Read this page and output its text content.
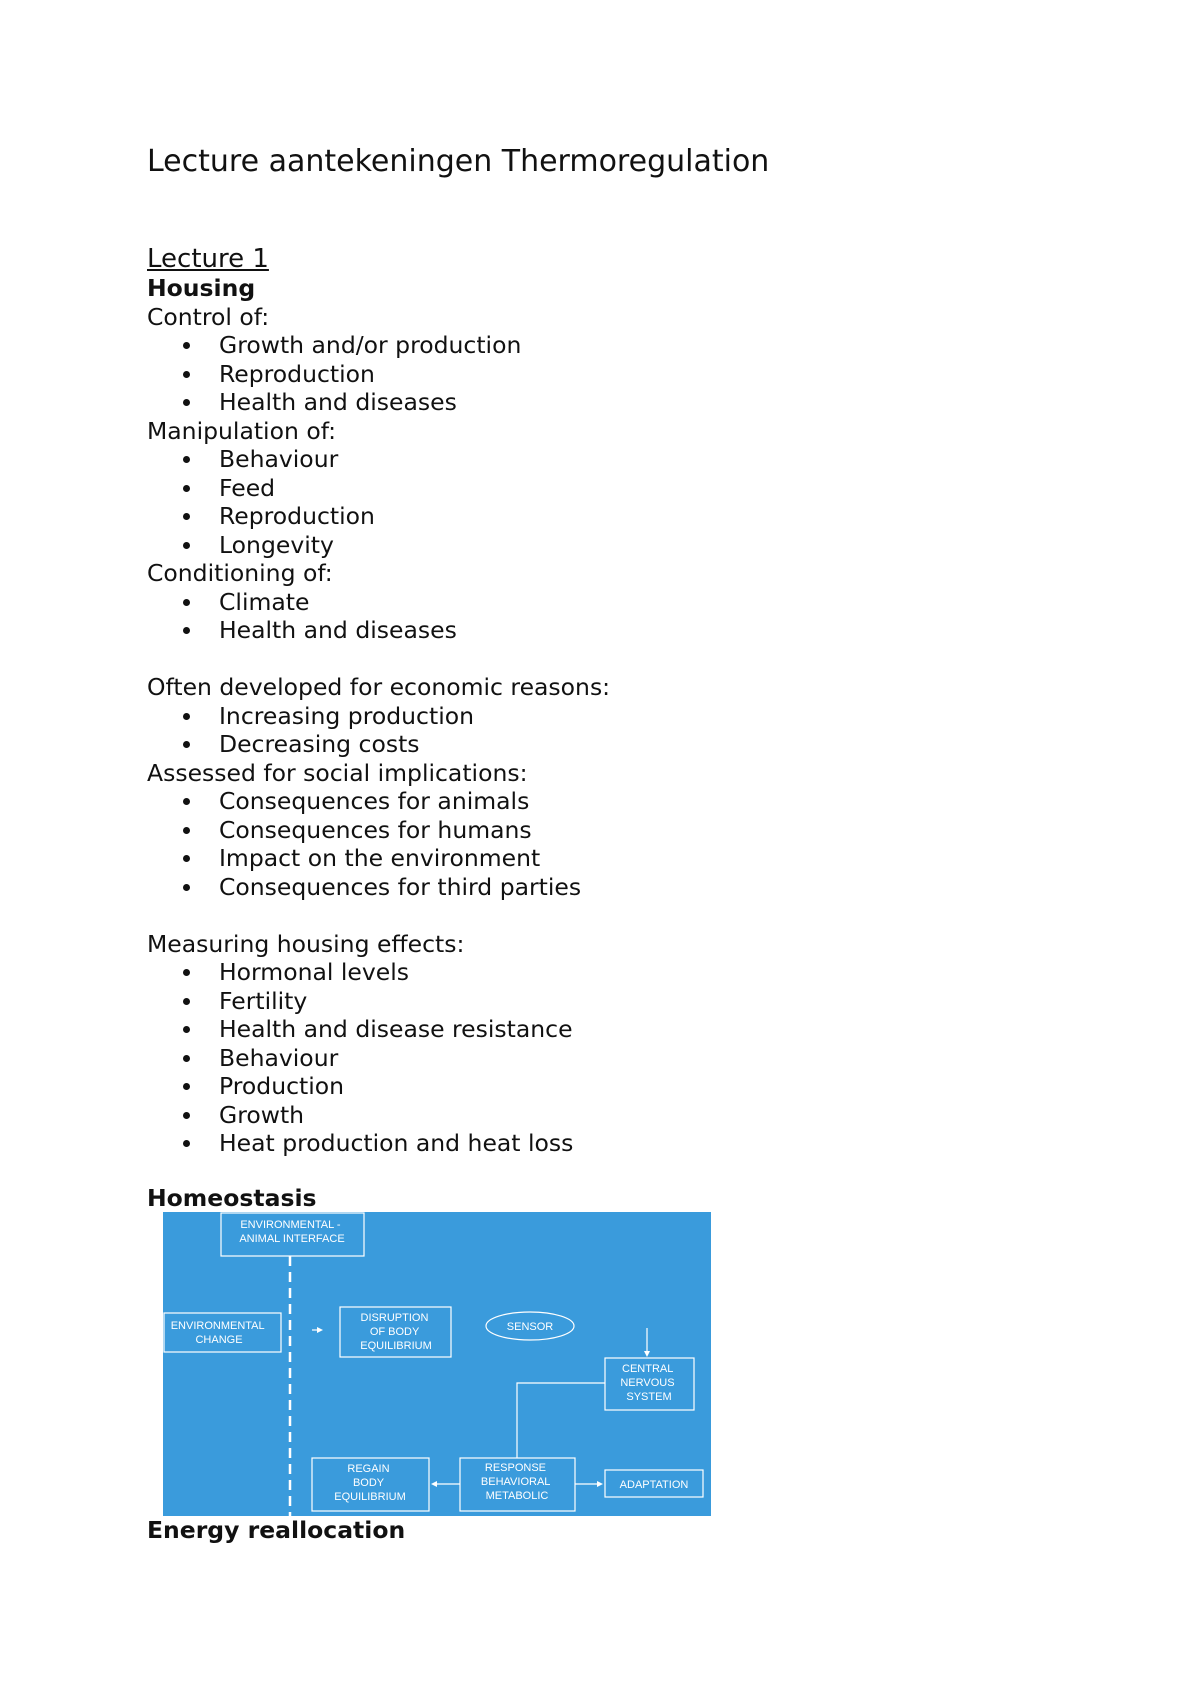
Lecture aantekeningen Thermoregulation
Lecture 1
Housing
Control of:
Growth and/or production
Reproduction
Health and diseases
Manipulation of:
Behaviour
Feed
Reproduction
Longevity
Conditioning of:
Climate
Health and diseases
Often developed for economic reasons:
Increasing production
Decreasing costs
Assessed for social implications:
Consequences for animals
Consequences for humans
Impact on the environment
Consequences for third parties
Measuring housing effects:
Hormonal levels
Fertility
Health and disease resistance
Behaviour
Production
Growth
Heat production and heat loss
Homeostasis
ENVIRONMENTAL - ANIMAL INTERFACE
ENVIRONMENTAL CHANGE
DISRUPTION OF BODY EQUILIBRIUM
SENSOR
CENTRAL NERVOUS SYSTEM
REGAIN BODY EQUILIBRIUM
RESPONSE BEHAVIORAL METABOLIC
ADAPTATION
Energy reallocation
